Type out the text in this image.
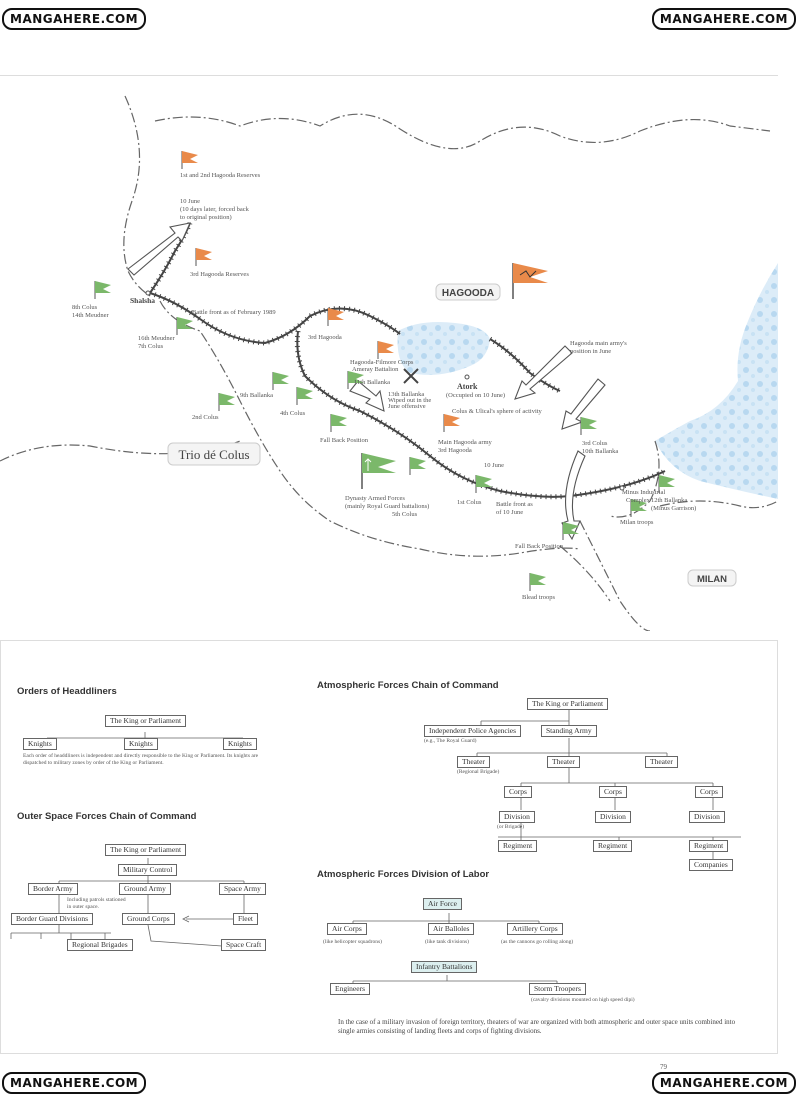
MANGAHERE.COM	MANGAHERE.COM
MANGAHERE.COM	MANGAHERE.COM
HAGOODA
Trio dé Colus
MILAN
Shalsha
Atork
(Occupied on 10 June)
Minus Industrial
Complex
1st and 2nd Hagooda Reserves
10 June
(10 days later, forced back
to original position)
3rd Hagooda Reserves
8th Colus
14th Meudner
16th Meudner
7th Colus
Battle front as of February 1989
3rd Hagooda
Hagooda-Filmore Corps
Ameray Battalion
11th Ballanka
13th Ballanka
Wiped out in the
June offensive
9th Ballanka
2nd Colus
4th Colus
Fall Back Position
Colus & Ulical's sphere of activity
Main Hagooda army
3rd Hagooda
10 June
Dynasty Armed Forces
(mainly Royal Guard battalions)
5th Colus
1st Colus Battle front as
of 10 June
3rd Colus
10th Ballanka
Hagooda main army's
position in June
12th Ballanka
(Minus Garrison)
Milan troops
Fall Back Position
Blead troops
Orders of Headdliners
The King or Parliament
Knights	Knights	Knights
Each order of headdliners is independent and directly responsible to the King or Parliament. Its knights are dispatched to military zones by order of the King or Parliament.
Outer Space Forces Chain of Command
The King or Parliament
Military Control
Border Army	Ground Army	Space Army
Including patrols stationed in outer space.
Border Guard Divisions	Ground Corps	Fleet
Regional Brigades	Space Craft
Atmospheric Forces Chain of Command
The King or Parliament
Independent Police Agencies
(e.g., The Royal Guard)
Standing Army
Theater	Theater	Theater
(Regional Brigade)
Corps	Corps	Corps
Division	Division	Division
(or Brigade)
Regiment	Regiment	Regiment
Companies
Atmospheric Forces Division of Labor
Air Force
Air Corps
(like helicopter squadrons)
Air Balloles
(like tank divisions)
Artillery Corps
(as the cannons go rolling along)
Infantry Battalions
Engineers	Storm Troopers
(cavalry divisions mounted on high speed dipi)
In the case of a military invasion of foreign territory, theaters of war are organized with both atmospheric and outer space units combined into single armies consisting of landing fleets and corps of fighting divisions.
79
